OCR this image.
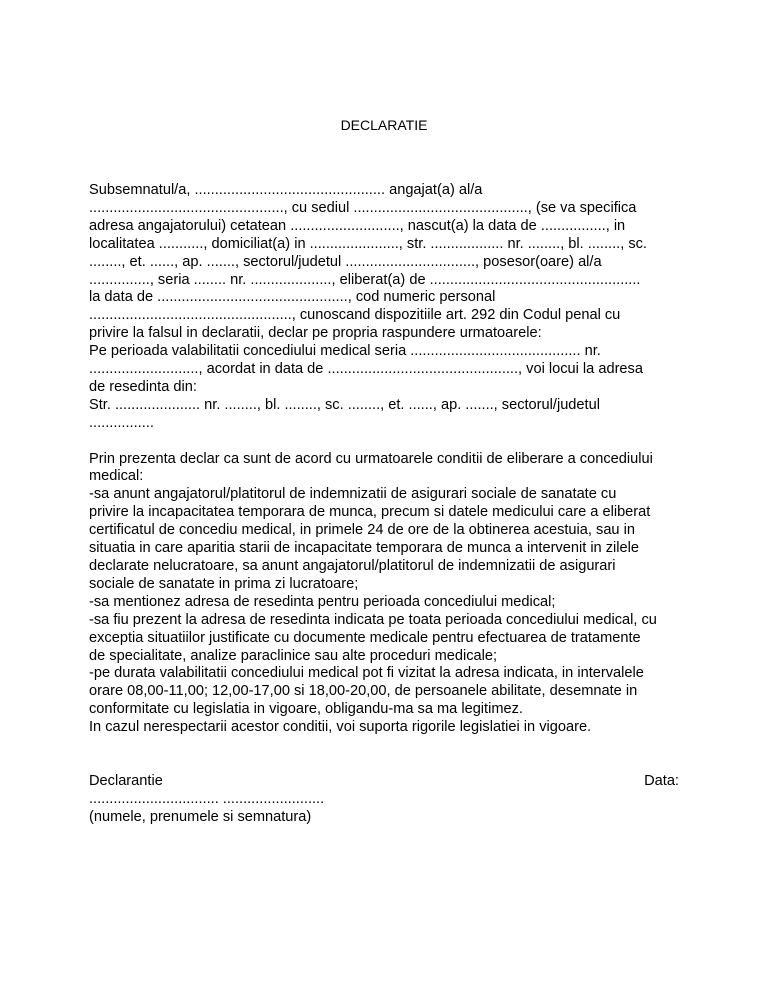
DECLARATIE
Subsemnatul/a, ............................................... angajat(a) al/a
................................................, cu sediul ..........................................., (se va specifica
adresa angajatorului) cetatean ..........................., nascut(a) la data de ................, in
localitatea ..........., domiciliat(a) in ......................, str. .................. nr. ........, bl. ........, sc.
........, et. ......, ap. ......., sectorul/judetul ................................, posesor(oare) al/a
..............., seria ........ nr. ...................., eliberat(a) de ....................................................
la data de ..............................................., cod numeric personal
.................................................., cunoscand dispozitiile art. 292 din Codul penal cu
privire la falsul in declaratii, declar pe propria raspundere urmatoarele:
Pe perioada valabilitatii concediului medical seria .......................................... nr.
..........................., acordat in data de ..............................................., voi locui la adresa
de resedinta din:
Str. ..................... nr. ........, bl. ........, sc. ........, et. ......, ap. ......., sectorul/judetul
................
Prin prezenta declar ca sunt de acord cu urmatoarele conditii de eliberare a concediului
medical:
-sa anunt angajatorul/platitorul de indemnizatii de asigurari sociale de sanatate cu
privire la incapacitatea temporara de munca, precum si datele medicului care a eliberat
certificatul de concediu medical, in primele 24 de ore de la obtinerea acestuia, sau in
situatia in care aparitia starii de incapacitate temporara de munca a intervenit in zilele
declarate nelucratoare, sa anunt angajatorul/platitorul de indemnizatii de asigurari
sociale de sanatate in prima zi lucratoare;
-sa mentionez adresa de resedinta pentru perioada concediului medical;
-sa fiu prezent la adresa de resedinta indicata pe toata perioada concediului medical, cu
exceptia situatiilor justificate cu documente medicale pentru efectuarea de tratamente
de specialitate, analize paraclinice sau alte proceduri medicale;
-pe durata valabilitatii concediului medical pot fi vizitat la adresa indicata, in intervalele
orare 08,00-11,00; 12,00-17,00 si 18,00-20,00, de persoanele abilitate, desemnate in
conformitate cu legislatia in vigoare, obligandu-ma sa ma legitimez.
In cazul nerespectarii acestor conditii, voi suporta rigorile legislatiei in vigoare.
Declarantie	Data:
................................ .........................
(numele, prenumele si semnatura)
